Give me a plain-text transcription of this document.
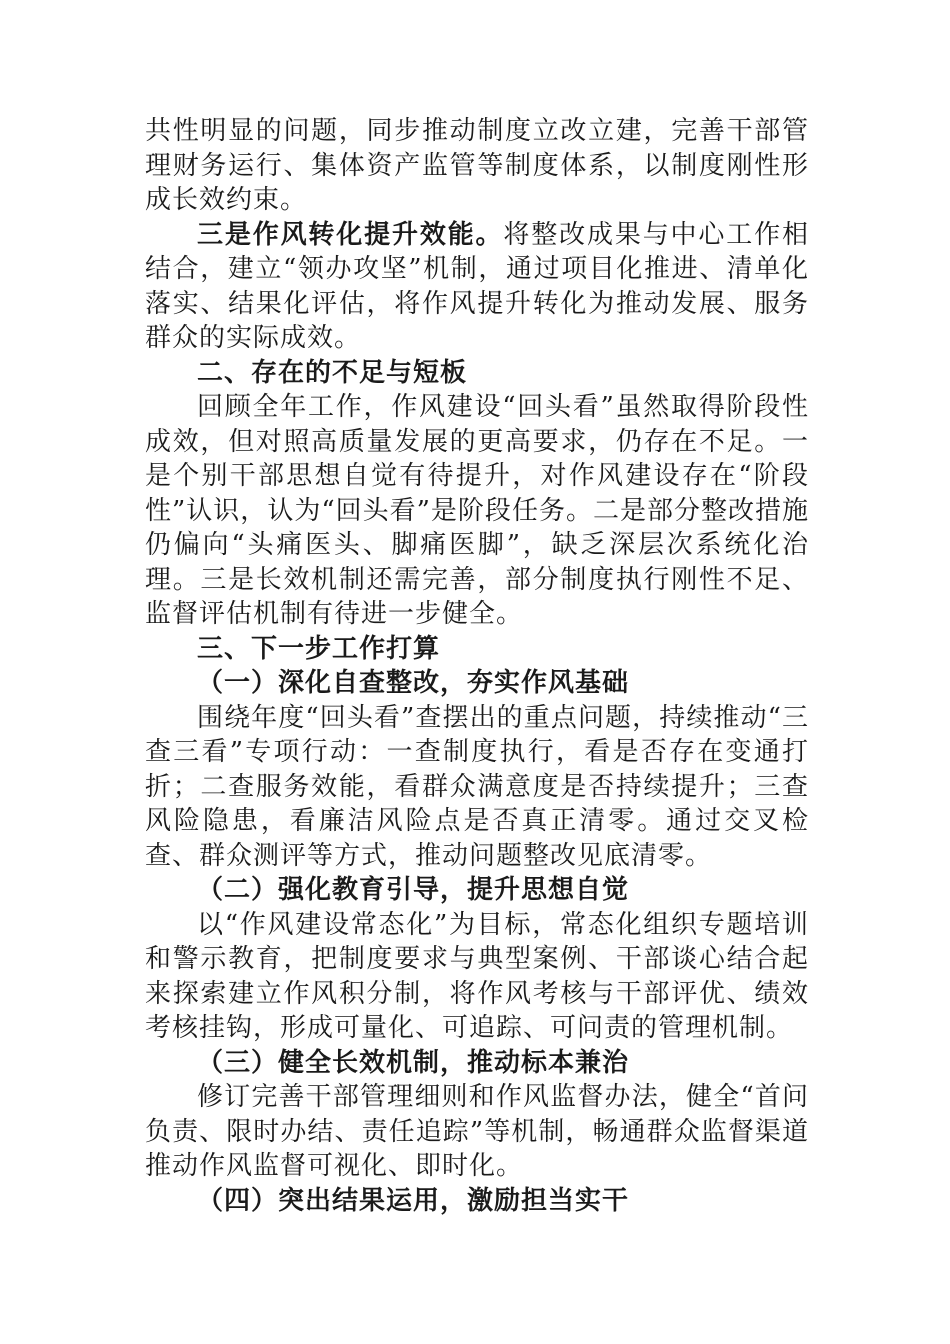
共性明显的问题，同步推动制度立改立建，完善干部管理财务运行、集体资产监管等制度体系，以制度刚性形成长效约束。

三是作风转化提升效能。将整改成果与中心工作相结合，建立“领办攻坚”机制，通过项目化推进、清单化落实、结果化评估，将作风提升转化为推动发展、服务群众的实际成效。

二、存在的不足与短板

回顾全年工作，作风建设“回头看”虽然取得阶段性成效，但对照高质量发展的更高要求，仍存在不足。一是个别干部思想自觉有待提升，对作风建设存在“阶段性”认识，认为“回头看”是阶段任务。二是部分整改措施仍偏向“头痛医头、脚痛医脚”，缺乏深层次系统化治理。三是长效机制还需完善，部分制度执行刚性不足、监督评估机制有待进一步健全。

三、下一步工作打算

（一）深化自查整改，夯实作风基础

围绕年度“回头看”查摆出的重点问题，持续推动“三查三看”专项行动：一查制度执行，看是否存在变通打折；二查服务效能，看群众满意度是否持续提升；三查风险隐患，看廉洁风险点是否真正清零。通过交叉检查、群众测评等方式，推动问题整改见底清零。

（二）强化教育引导，提升思想自觉

以“作风建设常态化”为目标，常态化组织专题培训和警示教育，把制度要求与典型案例、干部谈心结合起来探索建立作风积分制，将作风考核与干部评优、绩效考核挂钩，形成可量化、可追踪、可问责的管理机制。

（三）健全长效机制，推动标本兼治

修订完善干部管理细则和作风监督办法，健全“首问负责、限时办结、责任追踪”等机制，畅通群众监督渠道推动作风监督可视化、即时化。

（四）突出结果运用，激励担当实干
